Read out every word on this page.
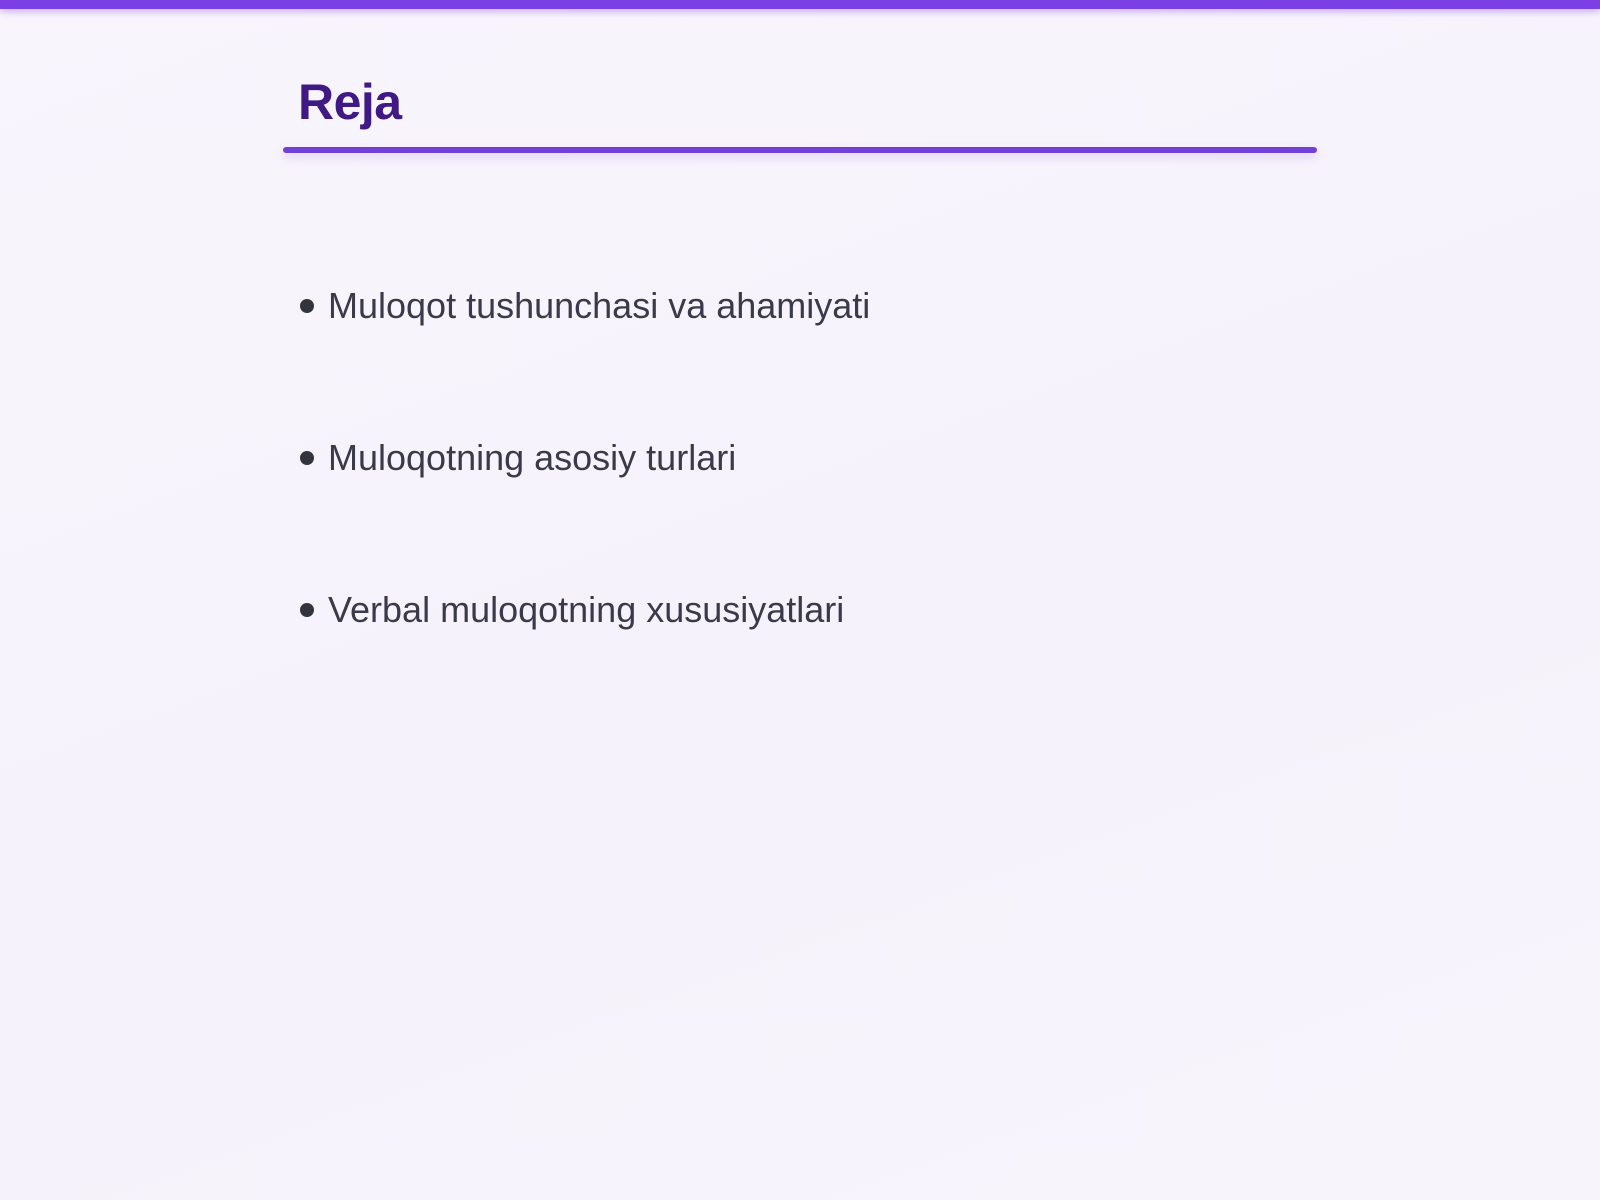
Reja
Muloqot tushunchasi va ahamiyati
Muloqotning asosiy turlari
Verbal muloqotning xususiyatlari
